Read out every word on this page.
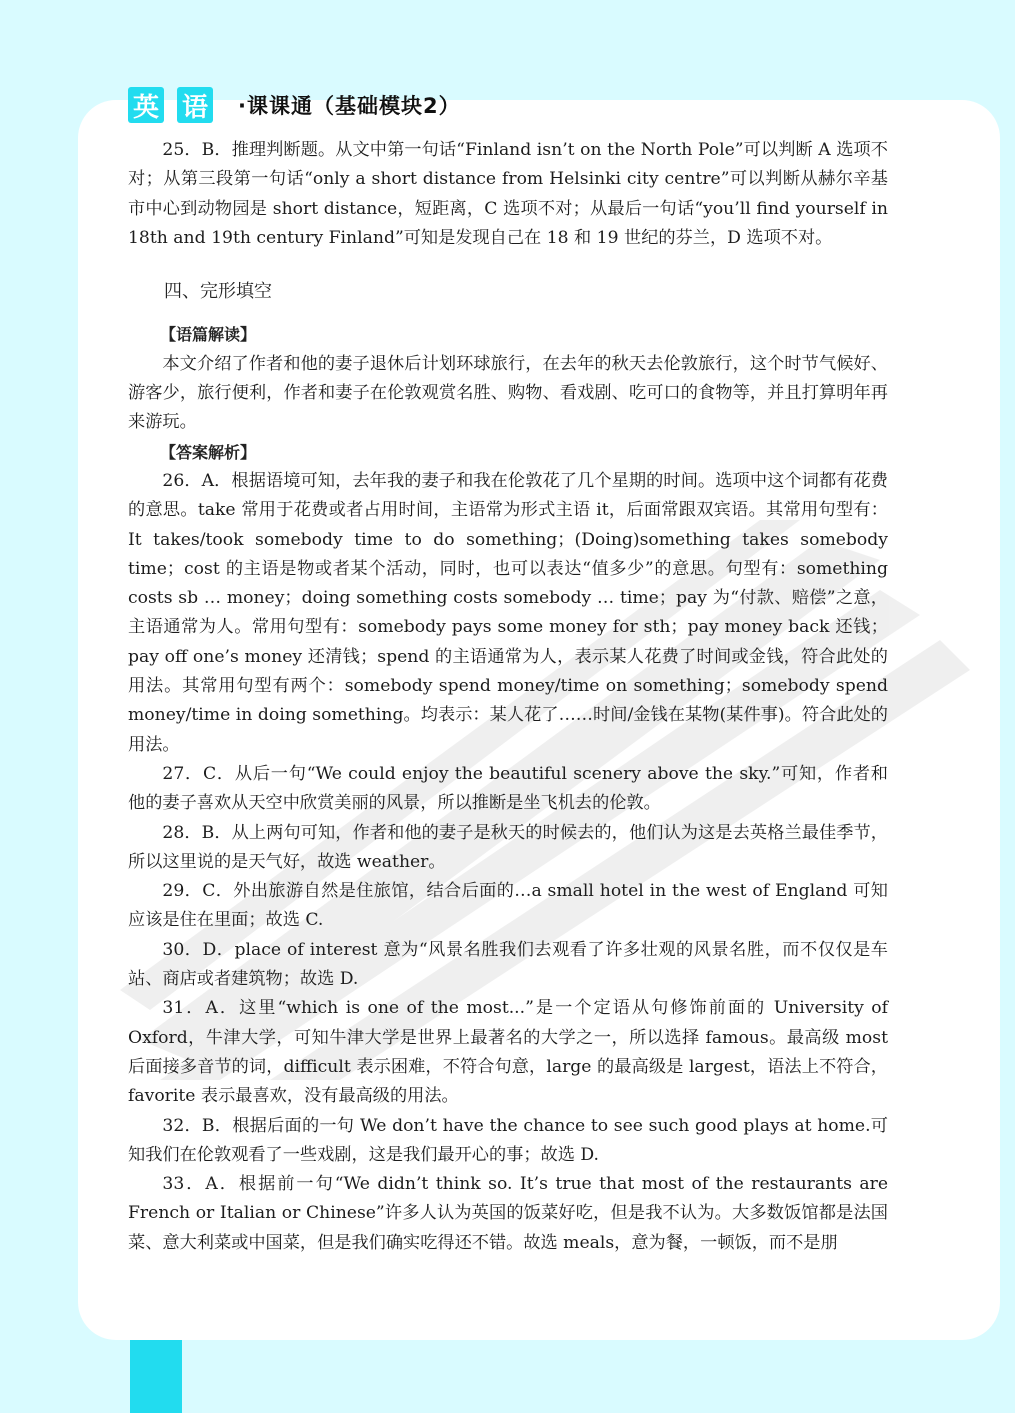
英 语 ·课课通（基础模块2）

25．B．推理判断题。从文中第一句话“Finland isn’t on the North Pole”可以判断 A 选项不对；从第三段第一句话“only a short distance from Helsinki city centre”可以判断从赫尔辛基市中心到动物园是 short distance，短距离，C 选项不对；从最后一句话“you’ll find yourself in 18th and 19th century Finland”可知是发现自己在 18 和 19 世纪的芬兰，D 选项不对。

四、完形填空

【语篇解读】

本文介绍了作者和他的妻子退休后计划环球旅行，在去年的秋天去伦敦旅行，这个时节气候好、游客少，旅行便利，作者和妻子在伦敦观赏名胜、购物、看戏剧、吃可口的食物等，并且打算明年再来游玩。

【答案解析】

26．A．根据语境可知，去年我的妻子和我在伦敦花了几个星期的时间。选项中这个词都有花费的意思。take 常用于花费或者占用时间，主语常为形式主语 it，后面常跟双宾语。其常用句型有：It takes/took somebody time to do something；(Doing)something takes somebody time；cost 的主语是物或者某个活动，同时，也可以表达“值多少”的意思。句型有：something costs sb … money；doing something costs somebody … time；pay 为“付款、赔偿”之意，主语通常为人。常用句型有：somebody pays some money for sth；pay money back 还钱；pay off one’s money 还清钱；spend 的主语通常为人，表示某人花费了时间或金钱，符合此处的用法。其常用句型有两个：somebody spend money/time on something；somebody spend money/time in doing something。均表示：某人花了……时间/金钱在某物(某件事)。符合此处的用法。

27．C．从后一句“We could enjoy the beautiful scenery above the sky.”可知，作者和他的妻子喜欢从天空中欣赏美丽的风景，所以推断是坐飞机去的伦敦。

28．B．从上两句可知，作者和他的妻子是秋天的时候去的，他们认为这是去英格兰最佳季节，所以这里说的是天气好，故选 weather。

29．C．外出旅游自然是住旅馆，结合后面的…a small hotel in the west of England 可知应该是住在里面；故选 C.

30．D．place of interest 意为“风景名胜我们去观看了许多壮观的风景名胜，而不仅仅是车站、商店或者建筑物；故选 D.

31．A．这里“which is one of the most...”是一个定语从句修饰前面的 University of Oxford，牛津大学，可知牛津大学是世界上最著名的大学之一，所以选择 famous。最高级 most 后面接多音节的词，difficult 表示困难，不符合句意，large 的最高级是 largest，语法上不符合，favorite 表示最喜欢，没有最高级的用法。

32．B．根据后面的一句 We don’t have the chance to see such good plays at home.可知我们在伦敦观看了一些戏剧，这是我们最开心的事；故选 D.

33．A．根据前一句“We didn’t think so. It’s true that most of the restaurants are French or Italian or Chinese”许多人认为英国的饭菜好吃，但是我不认为。大多数饭馆都是法国菜、意大利菜或中国菜，但是我们确实吃得还不错。故选 meals，意为餐，一顿饭，而不是朋

006
